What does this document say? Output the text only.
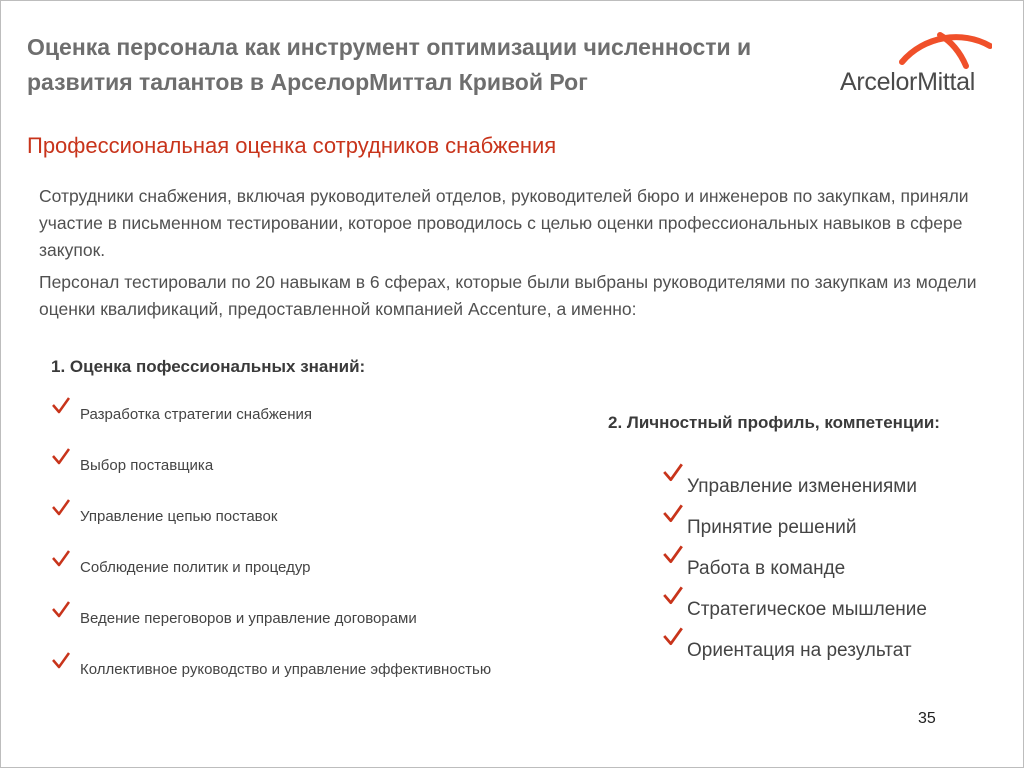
Оценка персонала как инструмент оптимизации численности и развития талантов в АрселорМиттал Кривой Рог	ArcelorMittal
Профессиональная оценка сотрудников снабжения

Сотрудники снабжения, включая руководителей отделов, руководителей бюро и инженеров по закупкам, приняли участие в письменном тестировании, которое проводилось с целью оценки профессиональных навыков в сфере закупок.

Персонал тестировали по 20 навыкам в 6 сферах, которые были выбраны руководителями по закупкам из модели оценки квалификаций, предоставленной компанией Accenture, а именно:

1. Оценка пофессиональных знаний:
Разработка стратегии снабжения
Выбор поставщика
Управление цепью поставок
Соблюдение политик и процедур
Ведение переговоров и управление договорами
Коллективное руководство и управление эффективностью
2. Личностный профиль, компетенции:
Управление изменениями
Принятие решений
Работа в команде
Стратегическое мышление
Ориентация на результат
35
